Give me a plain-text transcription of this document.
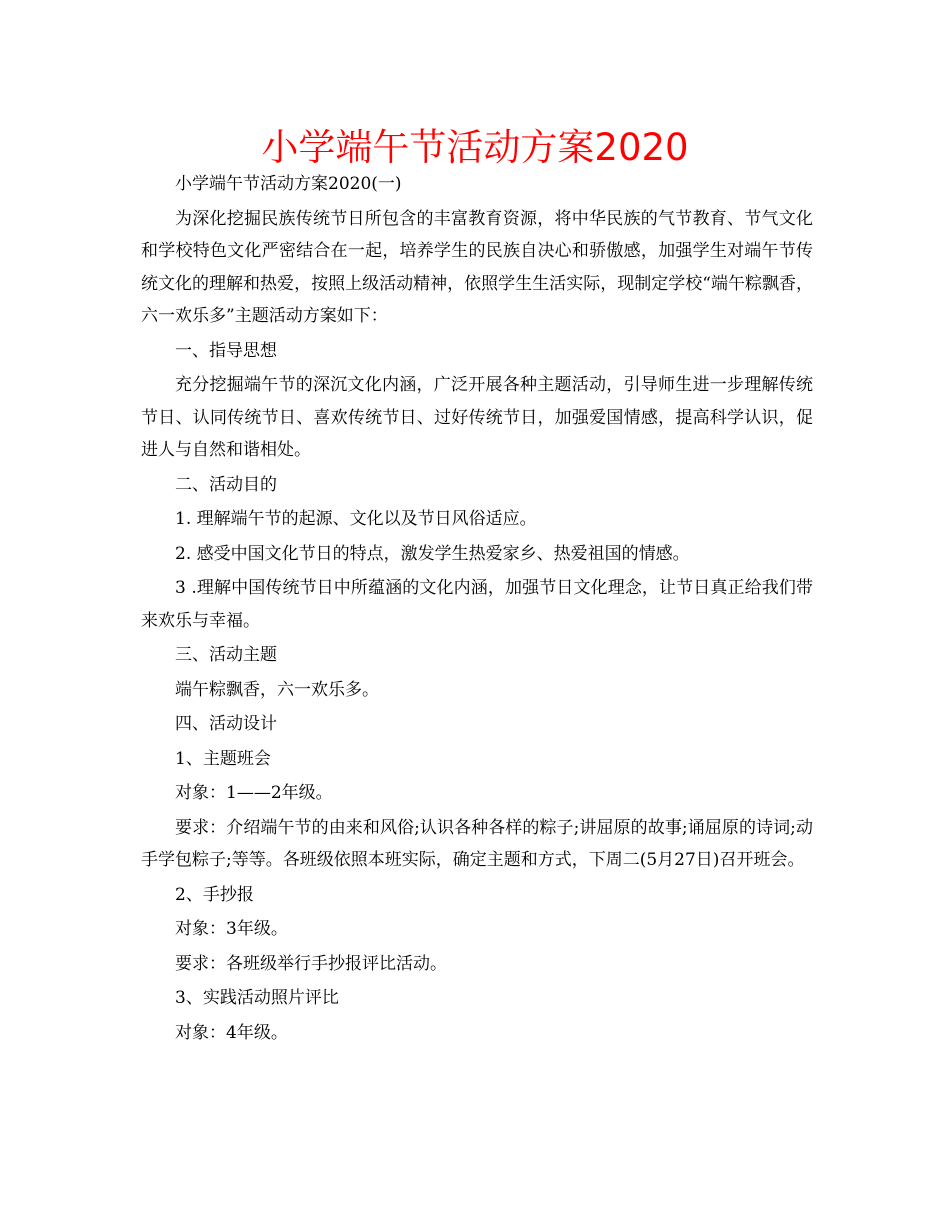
小学端午节活动方案2020

小学端午节活动方案2020(一)

为深化挖掘民族传统节日所包含的丰富教育资源，将中华民族的气节教育、节气文化和学校特色文化严密结合在一起，培养学生的民族自决心和骄傲感，加强学生对端午节传统文化的理解和热爱，按照上级活动精神，依照学生生活实际，现制定学校“端午粽飘香，六一欢乐多”主题活动方案如下：

一、指导思想

充分挖掘端午节的深沉文化内涵，广泛开展各种主题活动，引导师生进一步理解传统节日、认同传统节日、喜欢传统节日、过好传统节日，加强爱国情感，提高科学认识，促进人与自然和谐相处。

二、活动目的

1. 理解端午节的起源、文化以及节日风俗适应。

2. 感受中国文化节日的特点，激发学生热爱家乡、热爱祖国的情感。

3 .理解中国传统节日中所蕴涵的文化内涵，加强节日文化理念，让节日真正给我们带来欢乐与幸福。

三、活动主题

端午粽飘香，六一欢乐多。

四、活动设计

1、主题班会

对象：1——2年级。

要求：介绍端午节的由来和风俗;认识各种各样的粽子;讲屈原的故事;诵屈原的诗词;动手学包粽子;等等。各班级依照本班实际，确定主题和方式，下周二(5月27日)召开班会。

2、手抄报

对象：3年级。

要求：各班级举行手抄报评比活动。

3、实践活动照片评比

对象：4年级。
